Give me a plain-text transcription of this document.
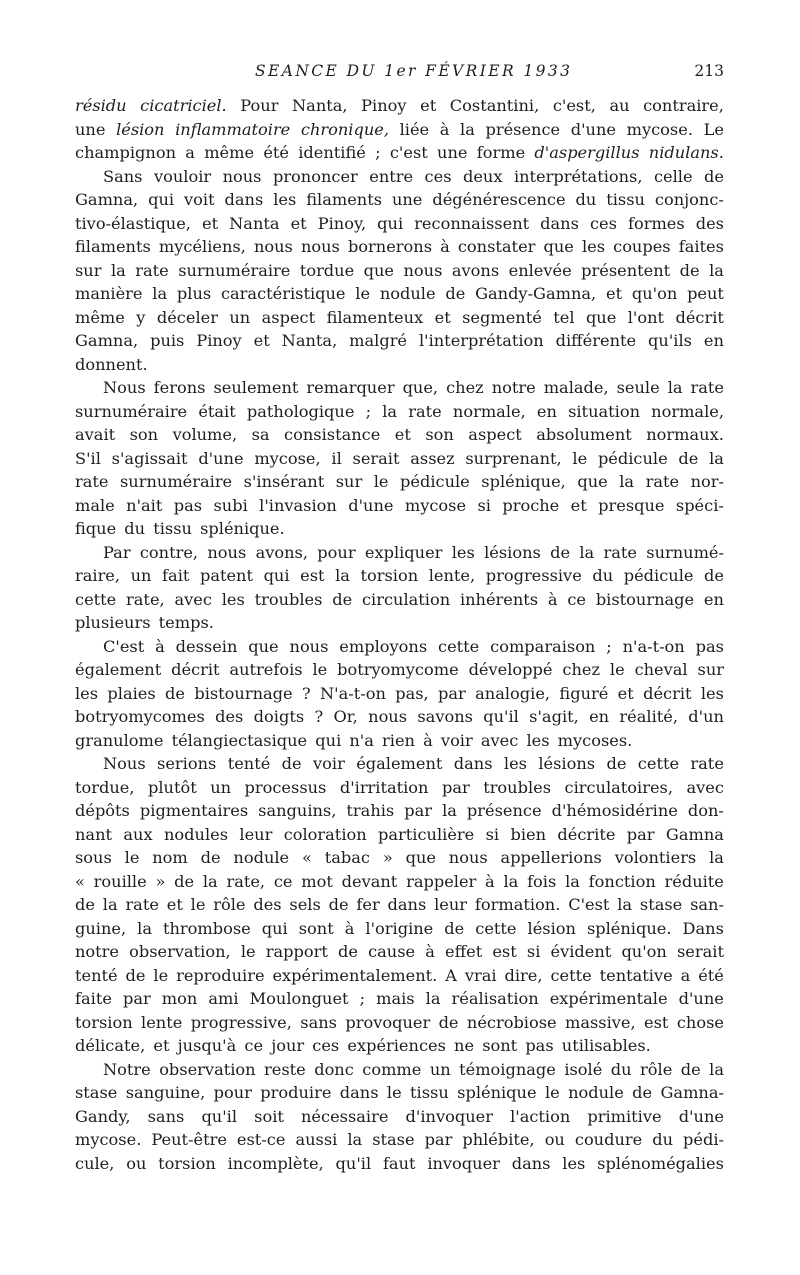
SEANCE DU 1er FÉVRIER 1933	213
résidu cicatriciel. Pour Nanta, Pinoy et Costantini, c'est, au contraire,
une lésion inflammatoire chronique, liée à la présence d'une mycose. Le
champignon a même été identifié ; c'est une forme d'aspergillus nidulans.
Sans vouloir nous prononcer entre ces deux interprétations, celle de
Gamna, qui voit dans les filaments une dégénérescence du tissu conjonc-
tivo-élastique, et Nanta et Pinoy, qui reconnaissent dans ces formes des
filaments mycéliens, nous nous bornerons à constater que les coupes faites
sur la rate surnuméraire tordue que nous avons enlevée présentent de la
manière la plus caractéristique le nodule de Gandy-Gamna, et qu'on peut
même y déceler un aspect filamenteux et segmenté tel que l'ont décrit
Gamna, puis Pinoy et Nanta, malgré l'interprétation différente qu'ils en
donnent.
Nous ferons seulement remarquer que, chez notre malade, seule la rate
surnuméraire était pathologique ; la rate normale, en situation normale,
avait son volume, sa consistance et son aspect absolument normaux.
S'il s'agissait d'une mycose, il serait assez surprenant, le pédicule de la
rate surnuméraire s'insérant sur le pédicule splénique, que la rate nor-
male n'ait pas subi l'invasion d'une mycose si proche et presque spéci-
fique du tissu splénique.
Par contre, nous avons, pour expliquer les lésions de la rate surnumé-
raire, un fait patent qui est la torsion lente, progressive du pédicule de
cette rate, avec les troubles de circulation inhérents à ce bistournage en
plusieurs temps.
C'est à dessein que nous employons cette comparaison ; n'a-t-on pas
également décrit autrefois le botryomycome développé chez le cheval sur
les plaies de bistournage ? N'a-t-on pas, par analogie, figuré et décrit les
botryomycomes des doigts ? Or, nous savons qu'il s'agit, en réalité, d'un
granulome télangiectasique qui n'a rien à voir avec les mycoses.
Nous serions tenté de voir également dans les lésions de cette rate
tordue, plutôt un processus d'irritation par troubles circulatoires, avec
dépôts pigmentaires sanguins, trahis par la présence d'hémosidérine don-
nant aux nodules leur coloration particulière si bien décrite par Gamna
sous le nom de nodule « tabac » que nous appellerions volontiers la
« rouille » de la rate, ce mot devant rappeler à la fois la fonction réduite
de la rate et le rôle des sels de fer dans leur formation. C'est la stase san-
guine, la thrombose qui sont à l'origine de cette lésion splénique. Dans
notre observation, le rapport de cause à effet est si évident qu'on serait
tenté de le reproduire expérimentalement. A vrai dire, cette tentative a été
faite par mon ami Moulonguet ; mais la réalisation expérimentale d'une
torsion lente progressive, sans provoquer de nécrobiose massive, est chose
délicate, et jusqu'à ce jour ces expériences ne sont pas utilisables.
Notre observation reste donc comme un témoignage isolé du rôle de la
stase sanguine, pour produire dans le tissu splénique le nodule de Gamna-
Gandy, sans qu'il soit nécessaire d'invoquer l'action primitive d'une
mycose. Peut-être est-ce aussi la stase par phlébite, ou coudure du pédi-
cule, ou torsion incomplète, qu'il faut invoquer dans les splénomégalies
